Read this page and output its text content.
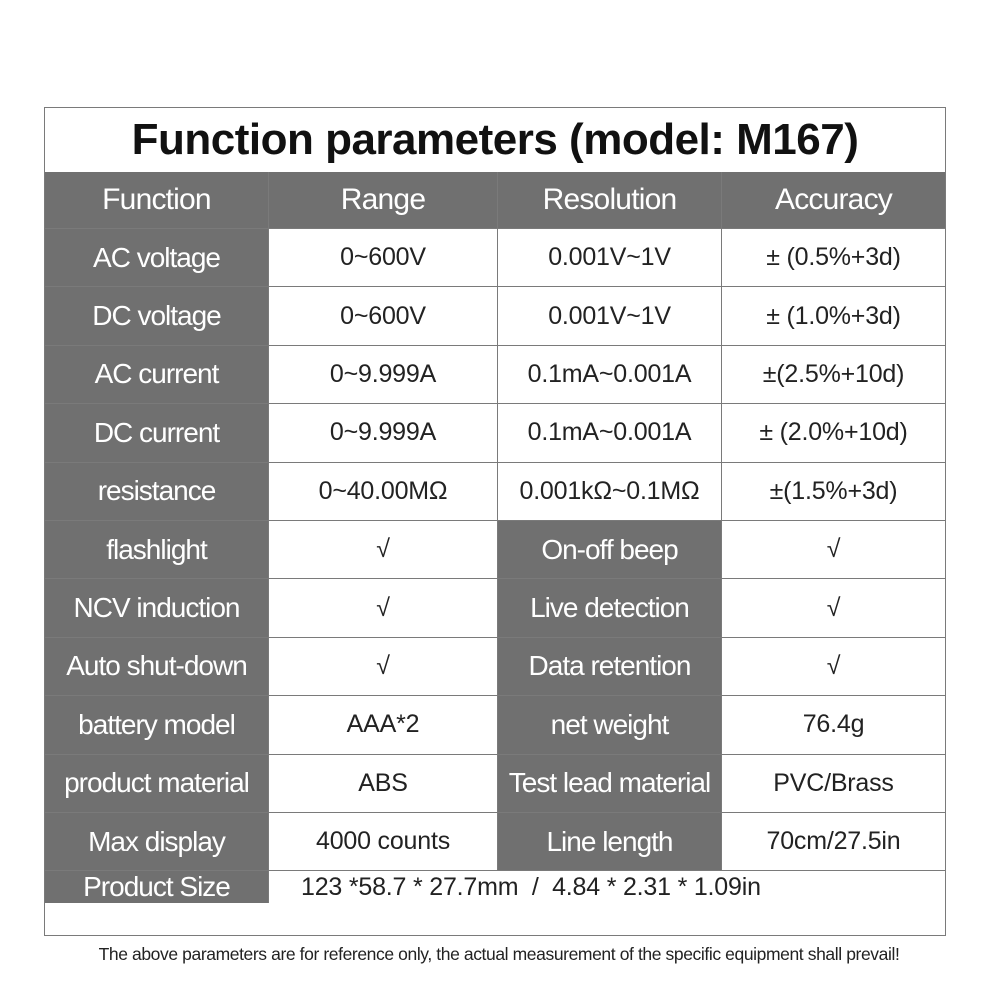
Function parameters (model: M167)
Function	Range	Resolution	Accuracy
AC voltage	0~600V	0.001V~1V	± (0.5%+3d)
DC voltage	0~600V	0.001V~1V	± (1.0%+3d)
AC current	0~9.999A	0.1mA~0.001A	±(2.5%+10d)
DC current	0~9.999A	0.1mA~0.001A	± (2.0%+10d)
resistance	0~40.00MΩ	0.001kΩ~0.1MΩ	±(1.5%+3d)
flashlight	√	On-off beep	√
NCV induction	√	Live detection	√
Auto shut-down	√	Data retention	√
battery model	AAA*2	net weight	76.4g
product material	ABS	Test lead material	PVC/Brass
Max display	4000 counts	Line length	70cm/27.5in
Product Size	123 *58.7 * 27.7mm  /  4.84 * 2.31 * 1.09in
The above parameters are for reference only, the actual measurement of the specific equipment shall prevail!
